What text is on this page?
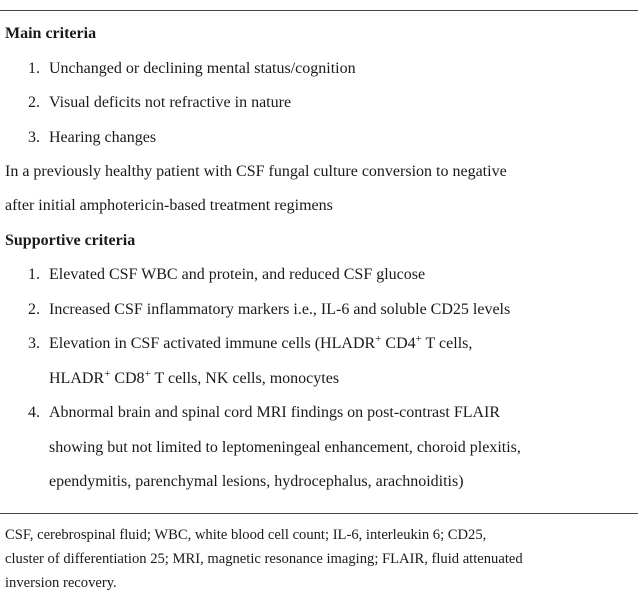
Main criteria
1. Unchanged or declining mental status/cognition
2. Visual deficits not refractive in nature
3. Hearing changes
In a previously healthy patient with CSF fungal culture conversion to negative
after initial amphotericin-based treatment regimens
Supportive criteria
1. Elevated CSF WBC and protein, and reduced CSF glucose
2. Increased CSF inflammatory markers i.e., IL-6 and soluble CD25 levels
3. Elevation in CSF activated immune cells (HLADR+ CD4+ T cells,
HLADR+ CD8+ T cells, NK cells, monocytes
4. Abnormal brain and spinal cord MRI findings on post-contrast FLAIR
showing but not limited to leptomeningeal enhancement, choroid plexitis,
ependymitis, parenchymal lesions, hydrocephalus, arachnoiditis)
CSF, cerebrospinal fluid; WBC, white blood cell count; IL-6, interleukin 6; CD25,
cluster of differentiation 25; MRI, magnetic resonance imaging; FLAIR, fluid attenuated
inversion recovery.
